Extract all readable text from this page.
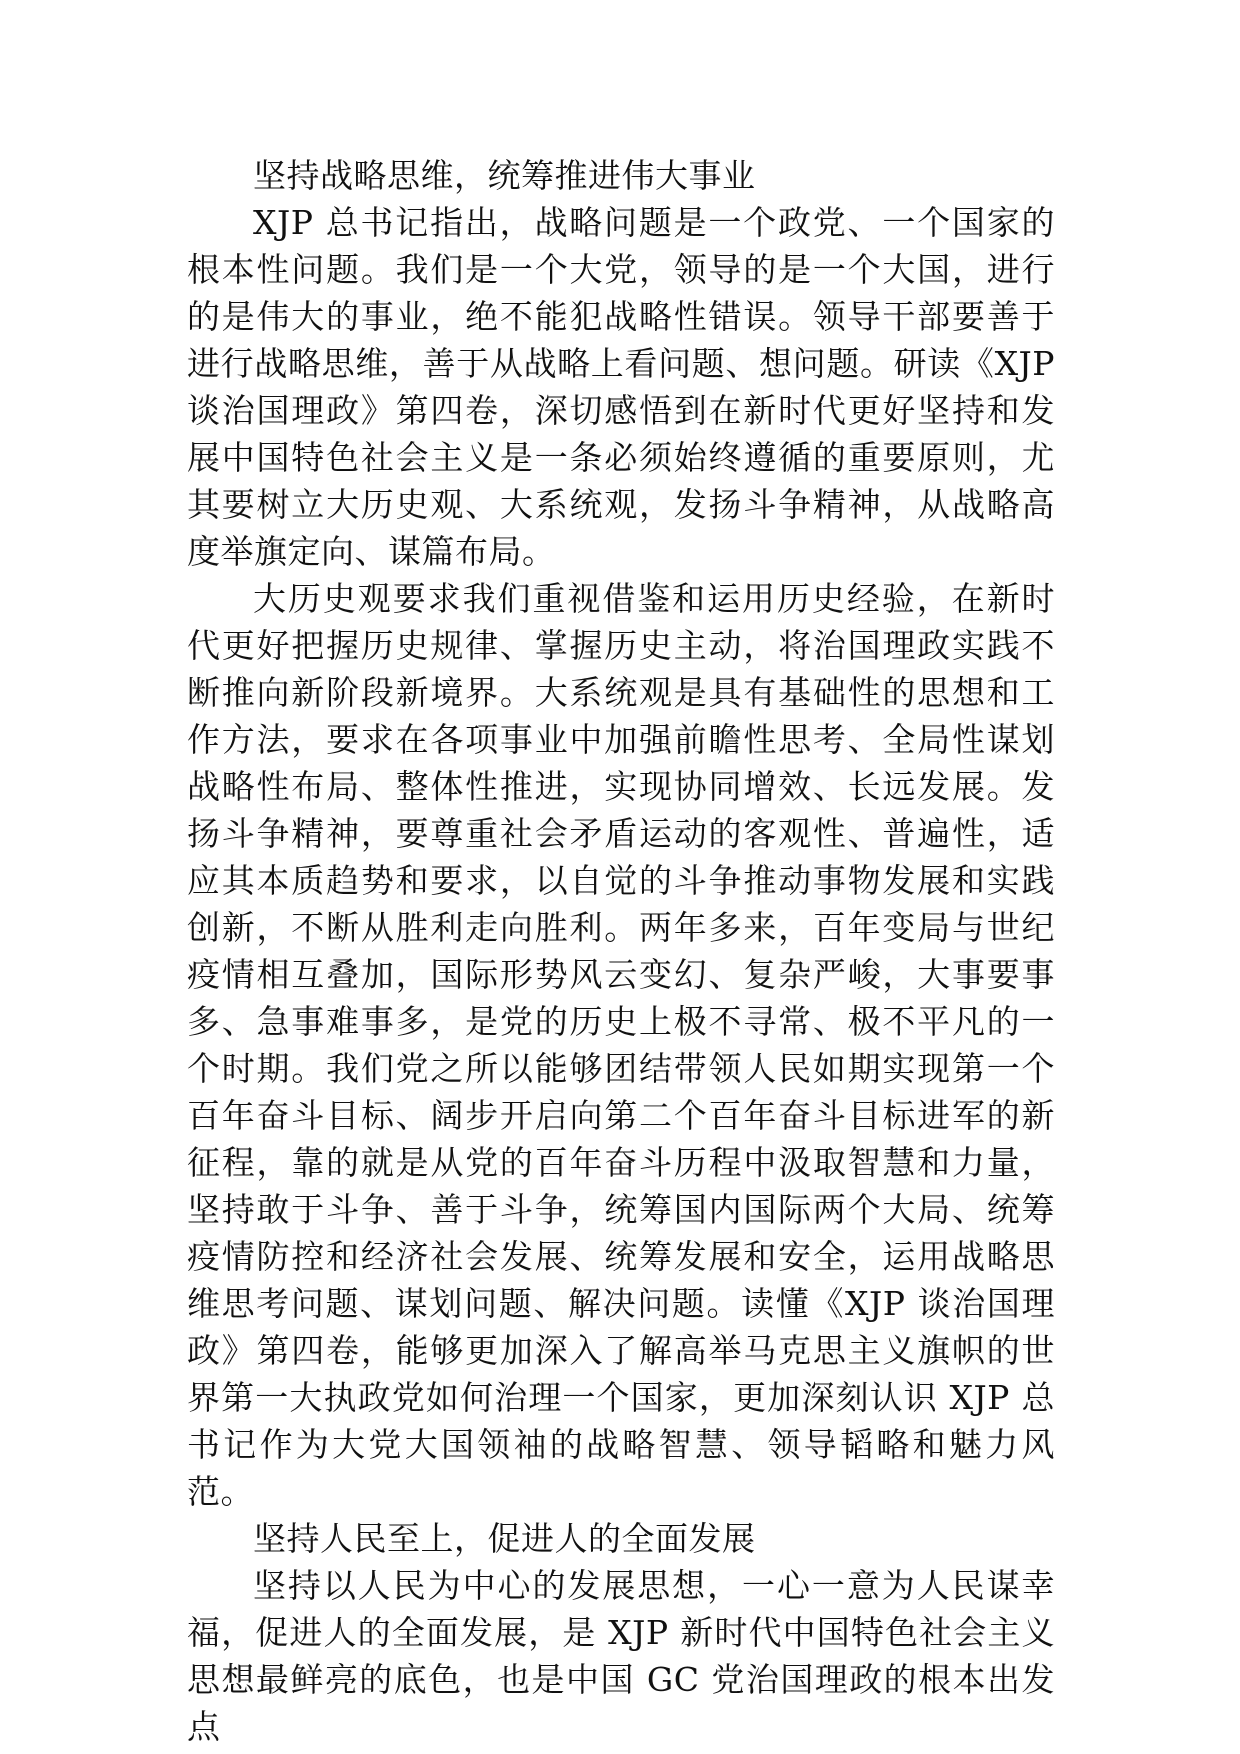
坚持战略思维，统筹推进伟大事业

XJP 总书记指出，战略问题是一个政党、一个国家的根本性问题。我们是一个大党，领导的是一个大国，进行的是伟大的事业，绝不能犯战略性错误。领导干部要善于进行战略思维，善于从战略上看问题、想问题。研读《XJP 谈治国理政》第四卷，深切感悟到在新时代更好坚持和发展中国特色社会主义是一条必须始终遵循的重要原则，尤其要树立大历史观、大系统观，发扬斗争精神，从战略高度举旗定向、谋篇布局。

大历史观要求我们重视借鉴和运用历史经验，在新时代更好把握历史规律、掌握历史主动，将治国理政实践不断推向新阶段新境界。大系统观是具有基础性的思想和工作方法，要求在各项事业中加强前瞻性思考、全局性谋划战略性布局、整体性推进，实现协同增效、长远发展。发扬斗争精神，要尊重社会矛盾运动的客观性、普遍性，适应其本质趋势和要求，以自觉的斗争推动事物发展和实践创新，不断从胜利走向胜利。两年多来，百年变局与世纪疫情相互叠加，国际形势风云变幻、复杂严峻，大事要事多、急事难事多，是党的历史上极不寻常、极不平凡的一个时期。我们党之所以能够团结带领人民如期实现第一个百年奋斗目标、阔步开启向第二个百年奋斗目标进军的新征程，靠的就是从党的百年奋斗历程中汲取智慧和力量，坚持敢于斗争、善于斗争，统筹国内国际两个大局、统筹疫情防控和经济社会发展、统筹发展和安全，运用战略思维思考问题、谋划问题、解决问题。读懂《XJP 谈治国理政》第四卷，能够更加深入了解高举马克思主义旗帜的世界第一大执政党如何治理一个国家，更加深刻认识 XJP 总书记作为大党大国领袖的战略智慧、领导韬略和魅力风范。

坚持人民至上，促进人的全面发展

坚持以人民为中心的发展思想，一心一意为人民谋幸福，促进人的全面发展，是 XJP 新时代中国特色社会主义思想最鲜亮的底色，也是中国 GC 党治国理政的根本出发点
